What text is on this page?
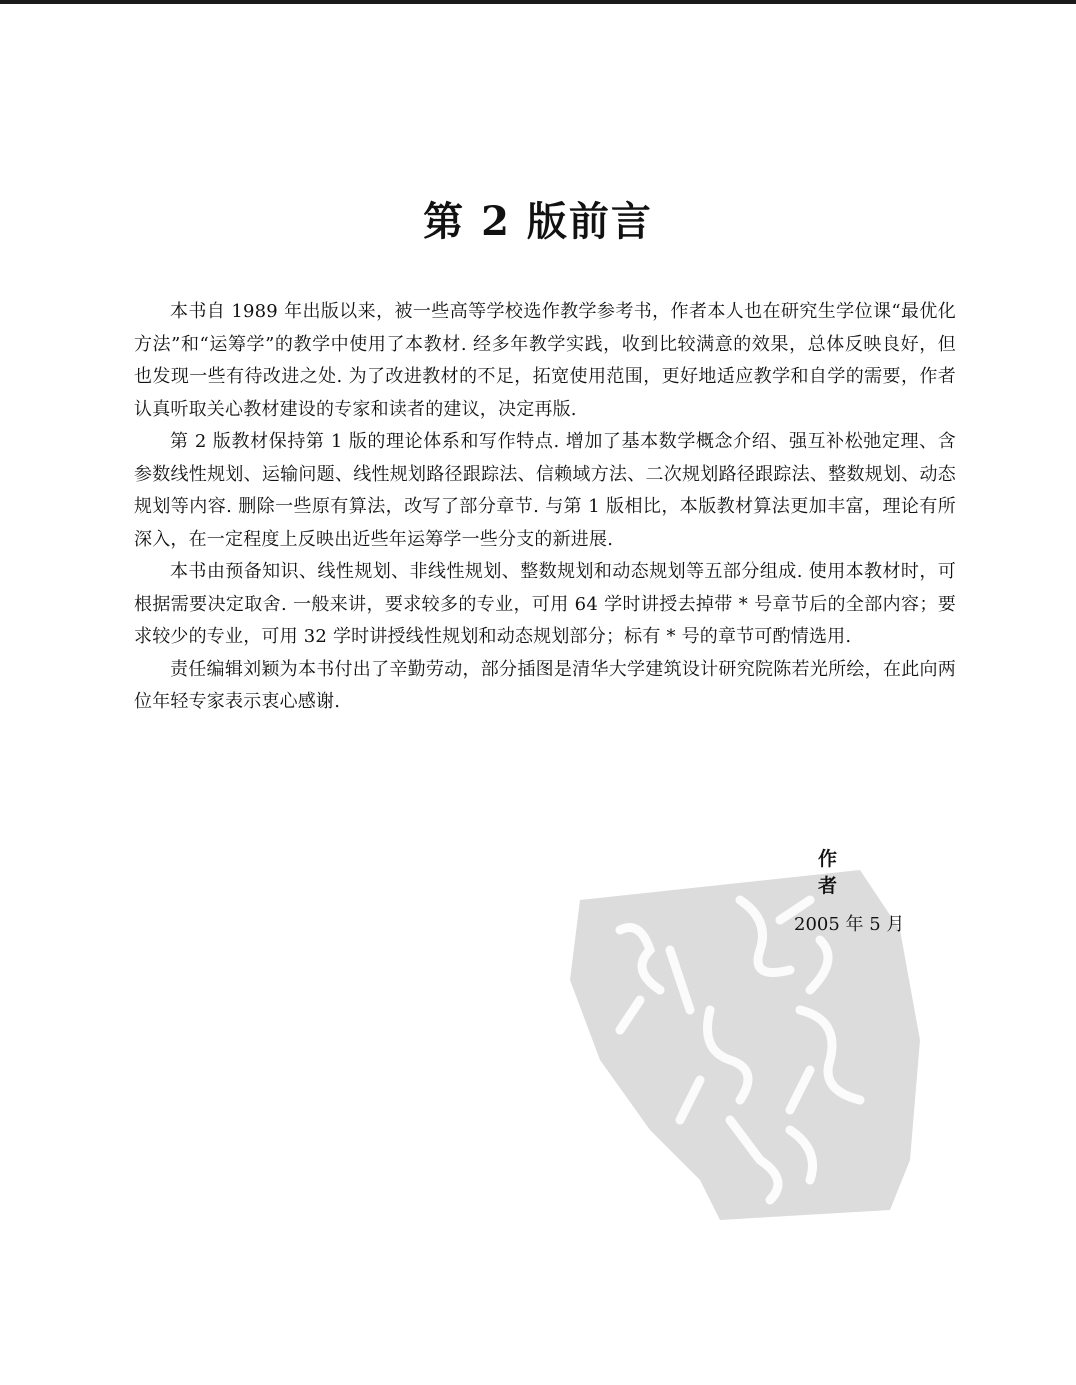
第 2 版前言

本书自 1989 年出版以来，被一些高等学校选作教学参考书，作者本人也在研究生学位课“最优化方法”和“运筹学”的教学中使用了本教材. 经多年教学实践，收到比较满意的效果，总体反映良好，但也发现一些有待改进之处. 为了改进教材的不足，拓宽使用范围，更好地适应教学和自学的需要，作者认真听取关心教材建设的专家和读者的建议，决定再版.

第 2 版教材保持第 1 版的理论体系和写作特点. 增加了基本数学概念介绍、强互补松弛定理、含参数线性规划、运输问题、线性规划路径跟踪法、信赖域方法、二次规划路径跟踪法、整数规划、动态规划等内容. 删除一些原有算法，改写了部分章节. 与第 1 版相比，本版教材算法更加丰富，理论有所深入，在一定程度上反映出近些年运筹学一些分支的新进展.

本书由预备知识、线性规划、非线性规划、整数规划和动态规划等五部分组成. 使用本教材时，可根据需要决定取舍. 一般来讲，要求较多的专业，可用 64 学时讲授去掉带 * 号章节后的全部内容；要求较少的专业，可用 32 学时讲授线性规划和动态规划部分；标有 * 号的章节可酌情选用.

责任编辑刘颖为本书付出了辛勤劳动，部分插图是清华大学建筑设计研究院陈若光所绘，在此向两位年轻专家表示衷心感谢.

作 者
2005 年 5 月
